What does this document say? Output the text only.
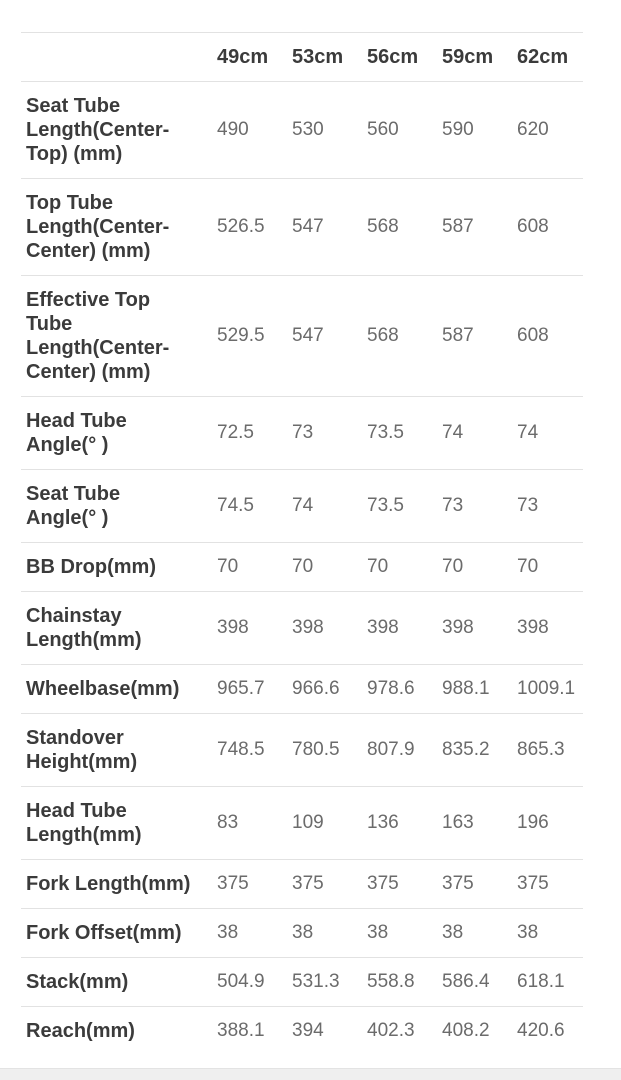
	49cm	53cm	56cm	59cm	62cm
Seat Tube Length(Center-Top) (mm)	490	530	560	590	620
Top Tube Length(Center-Center) (mm)	526.5	547	568	587	608
Effective Top Tube Length(Center-Center) (mm)	529.5	547	568	587	608
Head Tube Angle(° )	72.5	73	73.5	74	74
Seat Tube Angle(° )	74.5	74	73.5	73	73
BB Drop(mm)	70	70	70	70	70
Chainstay Length(mm)	398	398	398	398	398
Wheelbase(mm)	965.7	966.6	978.6	988.1	1009.1
Standover Height(mm)	748.5	780.5	807.9	835.2	865.3
Head Tube Length(mm)	83	109	136	163	196
Fork Length(mm)	375	375	375	375	375
Fork Offset(mm)	38	38	38	38	38
Stack(mm)	504.9	531.3	558.8	586.4	618.1
Reach(mm)	388.1	394	402.3	408.2	420.6
